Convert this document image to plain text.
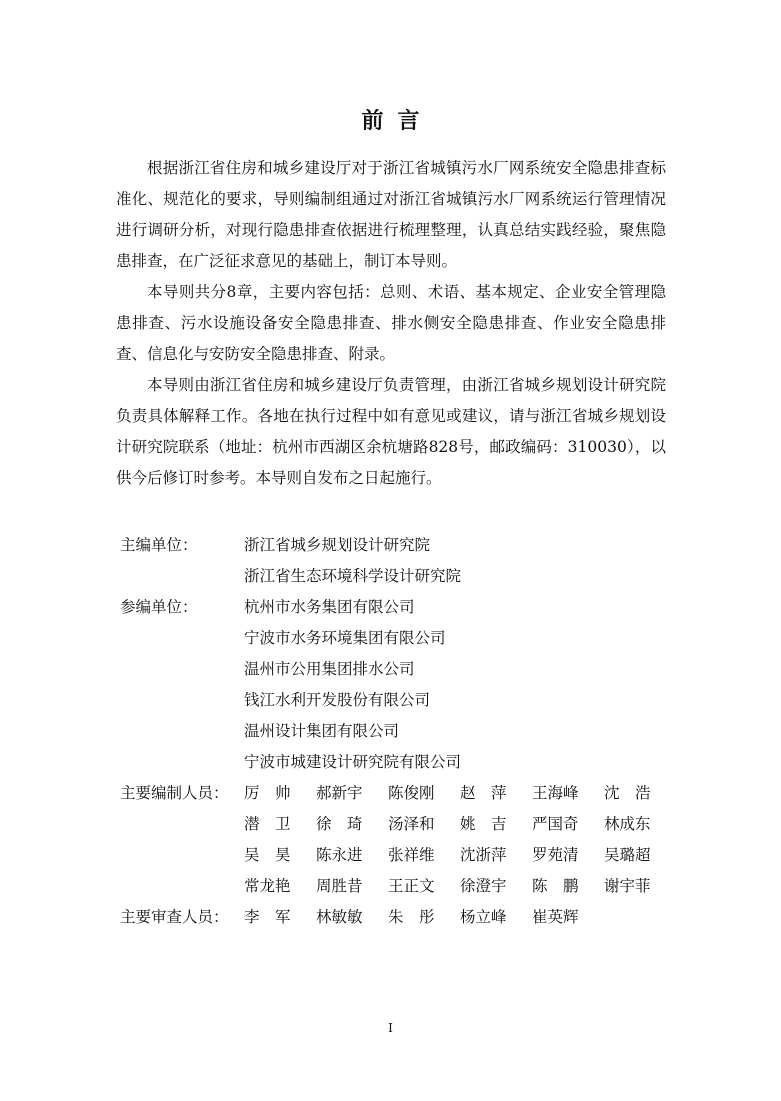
前言

根据浙江省住房和城乡建设厅对于浙江省城镇污水厂网系统安全隐患排查标准化、规范化的要求，导则编制组通过对浙江省城镇污水厂网系统运行管理情况进行调研分析，对现行隐患排查依据进行梳理整理，认真总结实践经验，聚焦隐患排查，在广泛征求意见的基础上，制订本导则。

本导则共分8章，主要内容包括：总则、术语、基本规定、企业安全管理隐患排查、污水设施设备安全隐患排查、排水侧安全隐患排查、作业安全隐患排查、信息化与安防安全隐患排查、附录。

本导则由浙江省住房和城乡建设厅负责管理，由浙江省城乡规划设计研究院负责具体解释工作。各地在执行过程中如有意见或建议，请与浙江省城乡规划设计研究院联系（地址：杭州市西湖区余杭塘路828号，邮政编码：310030），以供今后修订时参考。本导则自发布之日起施行。

主编单位：	浙江省城乡规划设计研究院
浙江省生态环境科学设计研究院
参编单位：	杭州市水务集团有限公司
宁波市水务环境集团有限公司
温州市公用集团排水公司
钱江水利开发股份有限公司
温州设计集团有限公司
宁波市城建设计研究院有限公司
主要编制人员： 厉　帅	郝新宇	陈俊刚	赵　萍	王海峰	沈　浩
潜　卫	徐　琦	汤泽和	姚　吉	严国奇	林成东
吴　昊	陈永进	张祥维	沈浙萍	罗苑清	吴璐超
常龙艳	周胜昔	王正文	徐澄宇	陈　鹏	谢宇菲
主要审查人员： 李　军	林敏敏	朱　彤	杨立峰	崔英辉
I
